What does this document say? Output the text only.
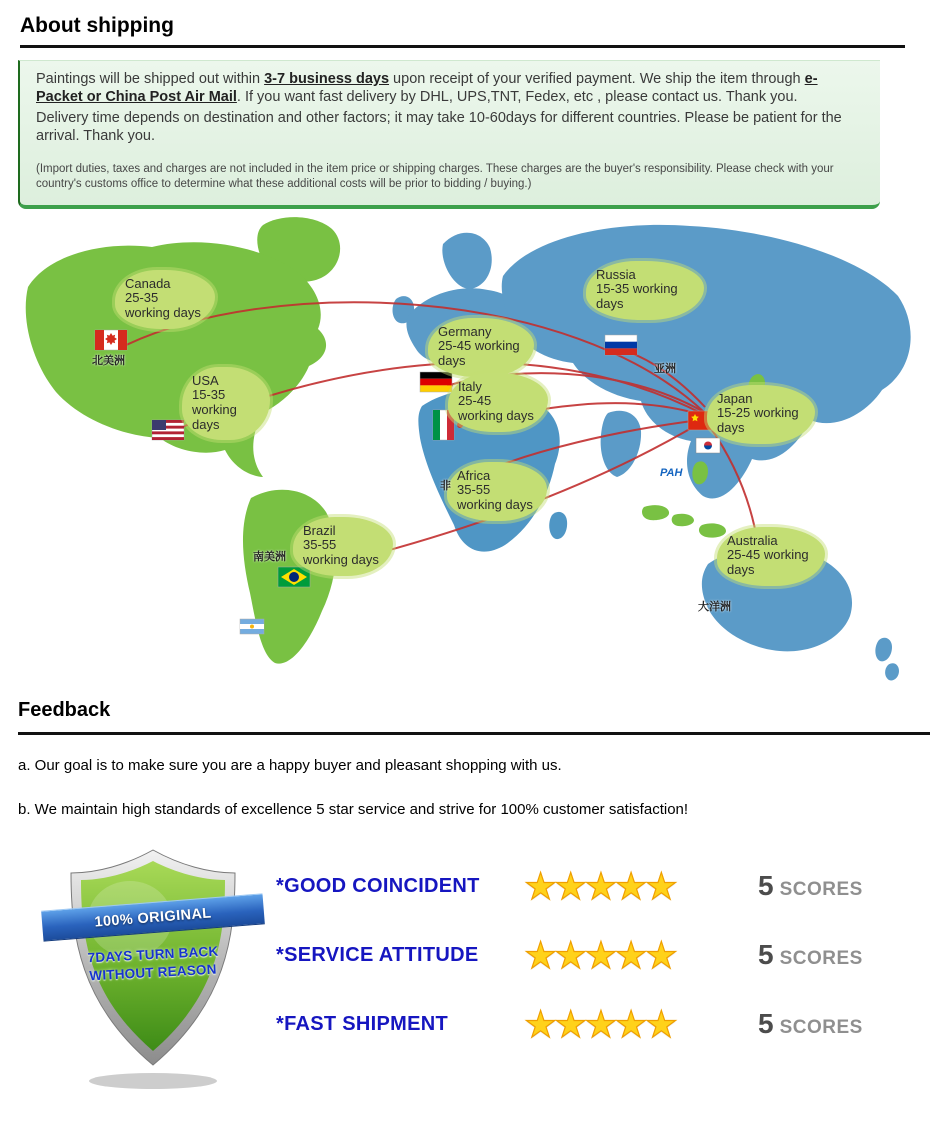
About shipping

Paintings will be shipped out within 3-7 business days upon receipt of your verified payment. We ship the item through e-Packet or China Post Air Mail. If you want fast delivery by DHL, UPS,TNT, Fedex, etc , please contact us. Thank you.

Delivery time depends on destination and other factors; it may take 10-60days for different countries. Please be patient for the arrival. Thank you.

(Import duties, taxes and charges are not included in the item price or shipping charges. These charges are the buyer's responsibility. Please check with your country's customs office to determine what these additional costs will be prior to bidding / buying.)

Canada
25-35 working days
USA
15-35 working days
Russia
15-35 working days
Germany
25-45 working days
Italy
25-45 working days
Japan
15-25 working days
Africa
35-55 working days
Brazil
35-55 working days
Australia
25-45 working days
北美洲
南美洲
亚洲
大洋洲
非
PAH
Feedback

a. Our goal is to make sure you are a happy buyer and pleasant shopping with us.

b. We maintain high standards of excellence 5 star service and strive for 100% customer satisfaction!

100% ORIGINAL
7DAYS TURN BACK
WITHOUT REASON
*GOOD COINCIDENT	★★★★★	5 SCORES
*SERVICE ATTITUDE	★★★★★	5 SCORES
*FAST SHIPMENT	★★★★★	5 SCORES
